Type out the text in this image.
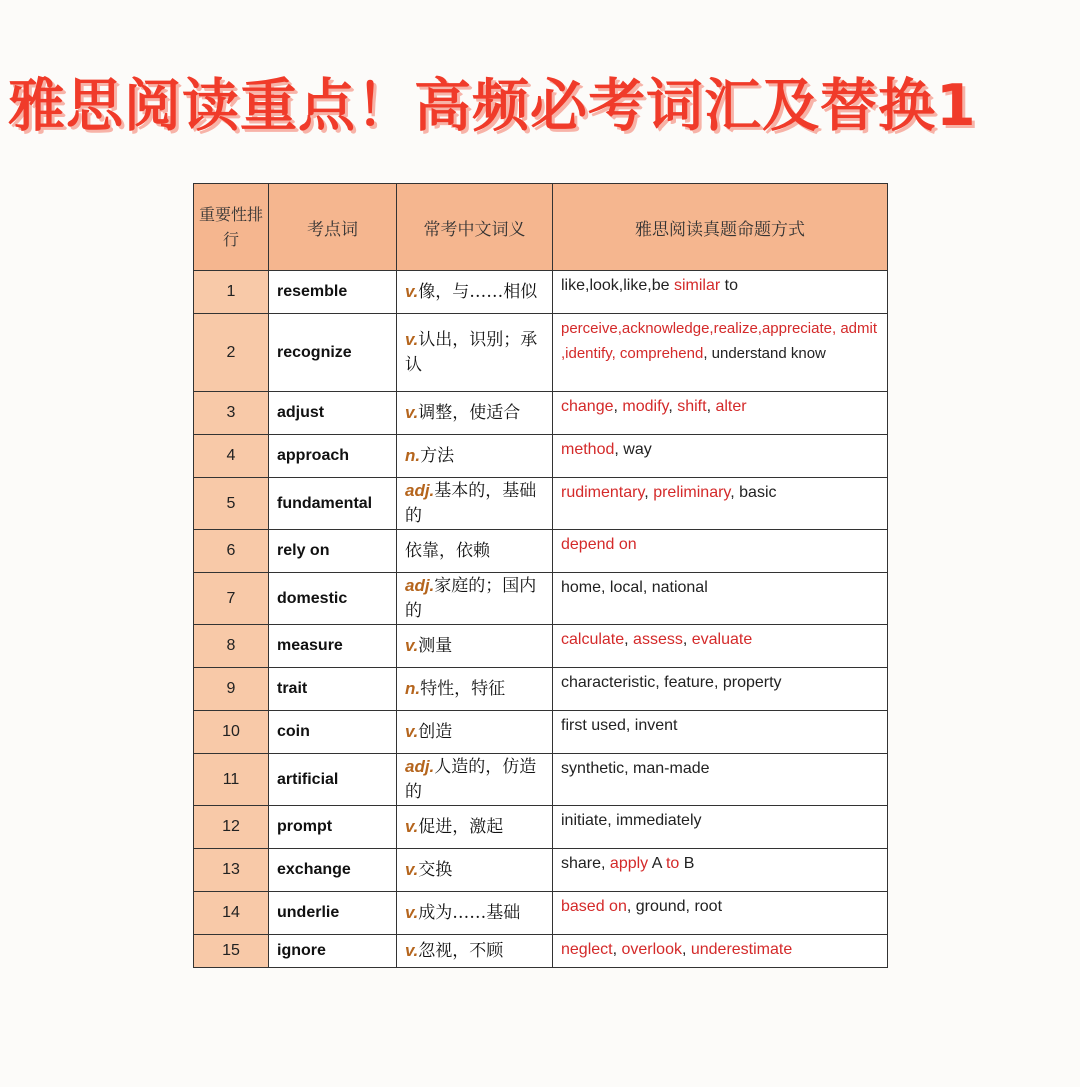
雅思阅读重点！高频必考词汇及替换1
重要性排行	考点词	常考中文词义	雅思阅读真题命题方式
1	resemble	v.像，与……相似	like,look,like,be similar to
2	recognize	v.认出，识别；承认	perceive,acknowledge,realize,appreciate, admit ,identify, comprehend, understand know
3	adjust	v.调整，使适合	change, modify, shift, alter
4	approach	n.方法	method, way
5	fundamental	adj.基本的，基础的	rudimentary, preliminary, basic
6	rely on	依靠，依赖	depend on
7	domestic	adj.家庭的；国内的	home, local, national
8	measure	v.测量	calculate, assess, evaluate
9	trait	n.特性，特征	characteristic, feature, property
10	coin	v.创造	first used, invent
11	artificial	adj.人造的，仿造的	synthetic, man-made
12	prompt	v.促进，激起	initiate, immediately
13	exchange	v.交换	share, apply A to B
14	underlie	v.成为……基础	based on, ground, root
15	ignore	v.忽视，不顾	neglect, overlook, underestimate
